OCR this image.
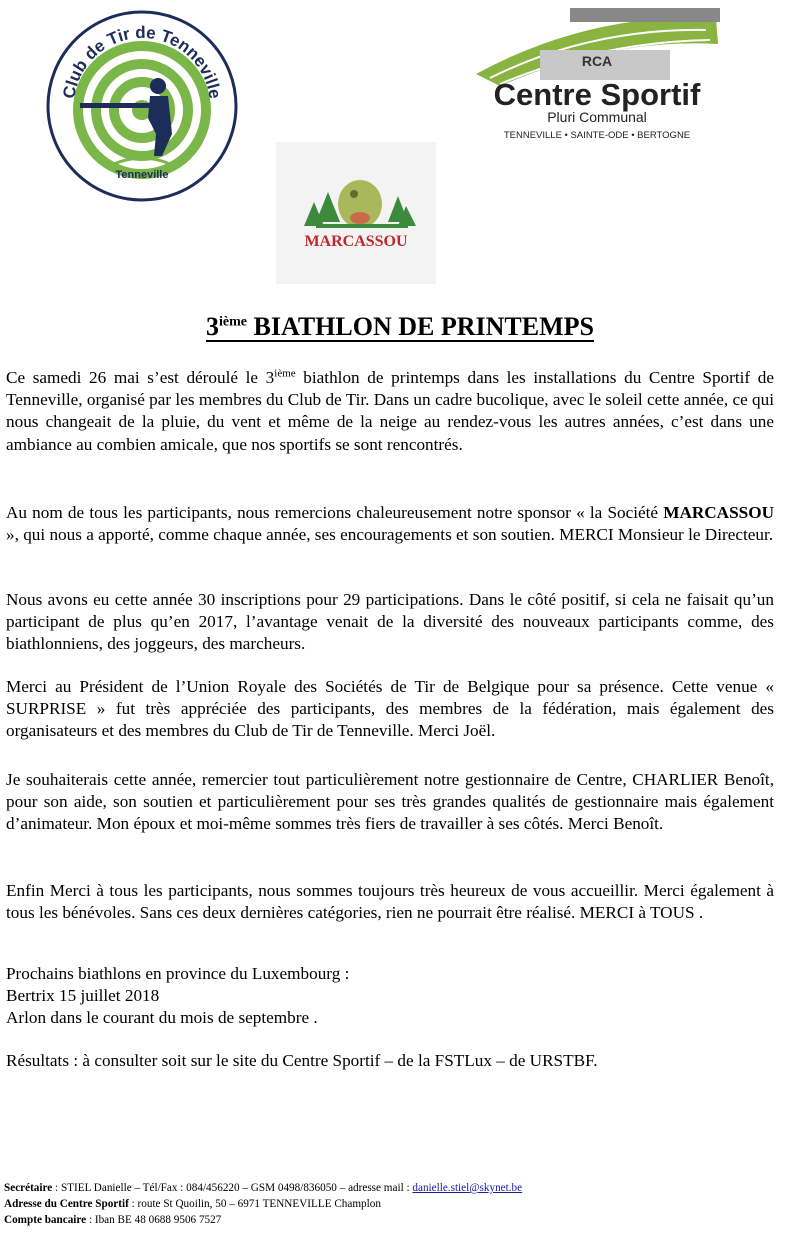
Club de Tir de Tenneville
Tenneville
RCA
Centre Sportif
Pluri Communal
TENNEVILLE • SAINTE-ODE • BERTOGNE
MARCASSOU
3ième BIATHLON DE PRINTEMPS

Ce samedi 26 mai s’est déroulé le 3ième biathlon de printemps dans les installations du Centre Sportif de Tenneville, organisé par les membres du Club de Tir. Dans un cadre bucolique, avec le soleil cette année, ce qui nous changeait de la pluie, du vent et même de la neige au rendez-vous les autres années, c’est dans une ambiance au combien amicale, que nos sportifs se sont rencontrés.

Au nom de tous les participants, nous remercions chaleureusement notre sponsor « la Société MARCASSOU », qui nous a apporté, comme chaque année, ses encouragements et son soutien. MERCI Monsieur le Directeur.

Nous avons eu cette année 30 inscriptions pour 29 participations. Dans le côté positif, si cela ne faisait qu’un participant de plus qu’en 2017, l’avantage venait de la diversité des nouveaux participants comme, des biathlonniens, des joggeurs, des marcheurs.

Merci au Président de l’Union Royale des Sociétés de Tir de Belgique pour sa présence. Cette venue « SURPRISE » fut très appréciée des participants, des membres de la fédération, mais également des organisateurs et des membres du Club de Tir de Tenneville. Merci Joël.

Je souhaiterais cette année, remercier tout particulièrement notre gestionnaire de Centre, CHARLIER Benoît, pour son aide, son soutien et particulièrement pour ses très grandes qualités de gestionnaire mais également d’animateur. Mon époux et moi-même sommes très fiers de travailler à ses côtés. Merci Benoît.

Enfin Merci à tous les participants, nous sommes toujours très heureux de vous accueillir. Merci également à tous les bénévoles. Sans ces deux dernières catégories, rien ne pourrait être réalisé. MERCI à TOUS .

Prochains biathlons en province du Luxembourg :
Bertrix 15 juillet 2018
Arlon dans le courant du mois de septembre .

Résultats : à consulter soit sur le site du Centre Sportif – de la FSTLux – de URSTBF.

Secrétaire : STIEL Danielle – Tél/Fax : 084/456220 – GSM 0498/836050 – adresse mail : danielle.stiel@skynet.be

Adresse du Centre Sportif : route St Quoilin, 50 – 6971 TENNEVILLE Champlon

Compte bancaire : Iban BE 48 0688 9506 7527
